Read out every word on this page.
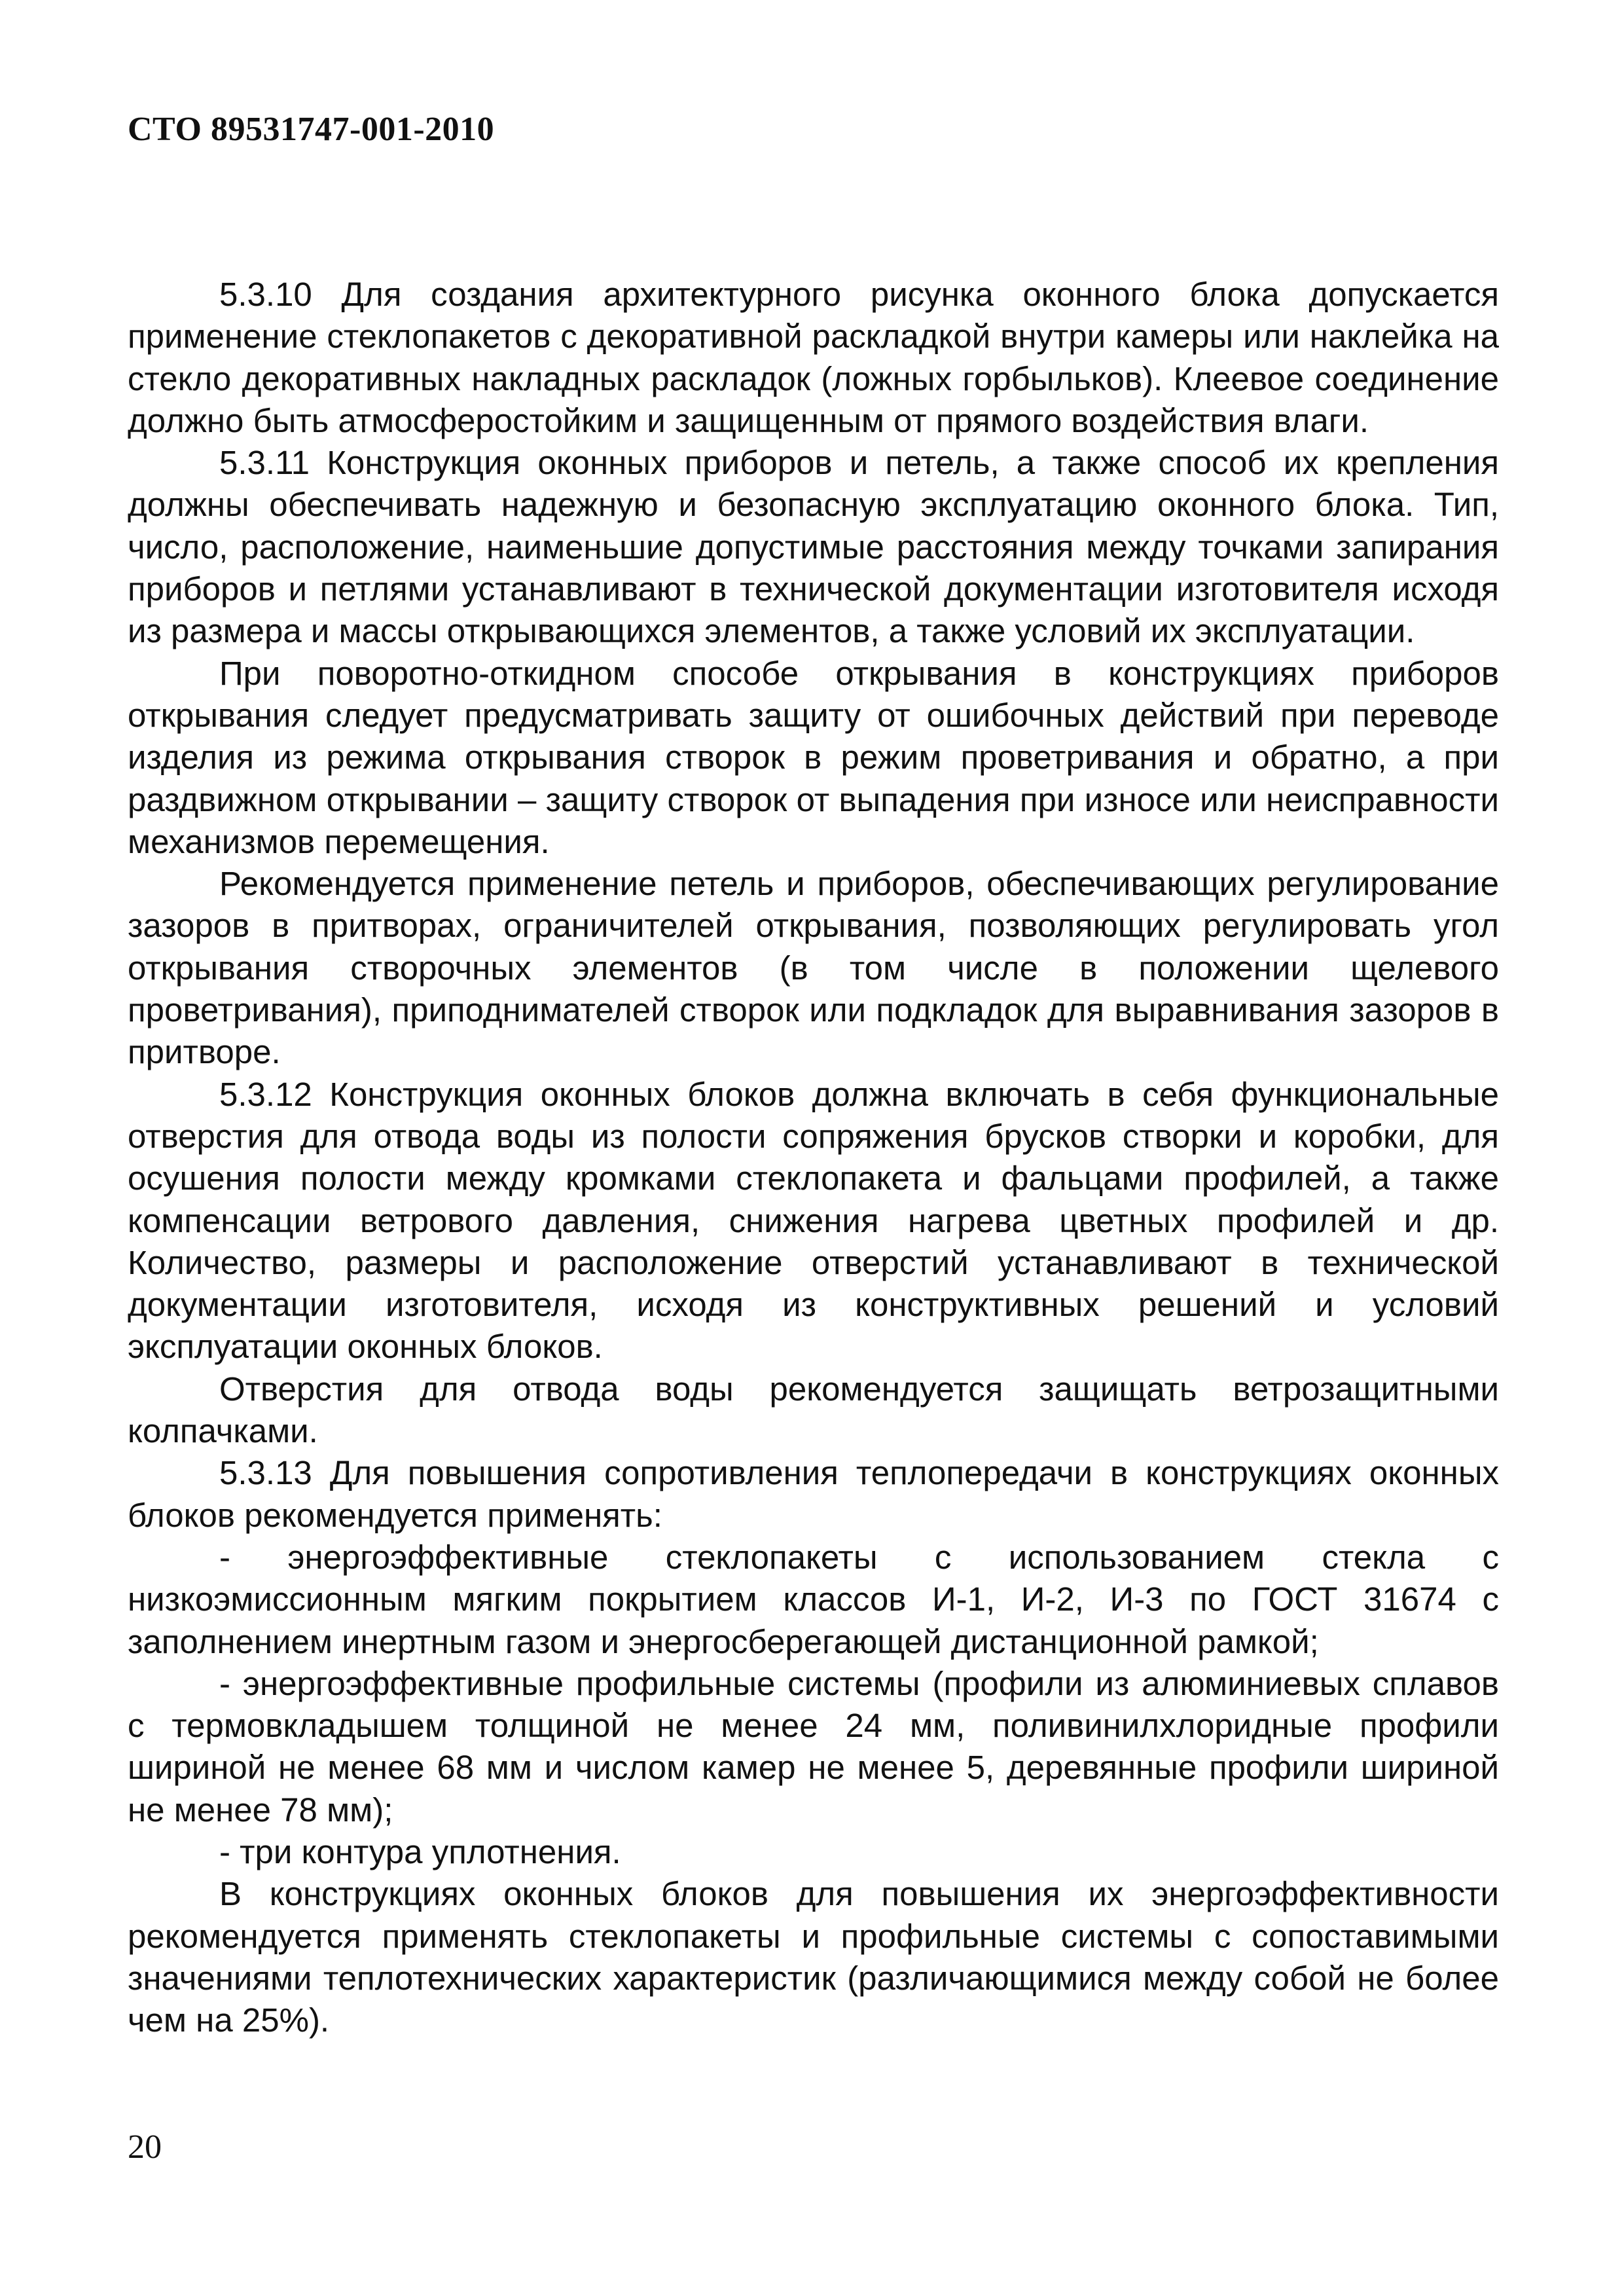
СТО 89531747-001-2010

5.3.10 Для создания архитектурного рисунка оконного блока допускается применение стеклопакетов с декоративной раскладкой внутри камеры или наклейка на стекло декоративных накладных раскладок (ложных горбыльков). Клеевое соединение должно быть атмосферостойким и защищенным от прямого воздействия влаги.

5.3.11 Конструкция оконных приборов и петель, а также способ их крепления должны обеспечивать надежную и безопасную эксплуатацию оконного блока. Тип, число, расположение, наименьшие допустимые расстояния между точками запирания приборов и петлями устанавливают в технической документации изготовителя исходя из размера и массы открывающихся элементов, а также условий их эксплуатации.

При поворотно-откидном способе открывания в конструкциях приборов открывания следует предусматривать защиту от ошибочных действий при переводе изделия из режима открывания створок в режим проветривания и обратно, а при раздвижном открывании – защиту створок от выпадения при износе или неисправности механизмов перемещения.

Рекомендуется применение петель и приборов, обеспечивающих регулирование зазоров в притворах, ограничителей открывания, позволяющих регулировать угол открывания створочных элементов (в том числе в положении щелевого проветривания), приподнимателей створок или подкладок для выравнивания зазоров в притворе.

5.3.12 Конструкция оконных блоков должна включать в себя функциональные отверстия для отвода воды из полости сопряжения брусков створки и коробки, для осушения полости между кромками стеклопакета и фальцами профилей, а также компенсации ветрового давления, снижения нагрева цветных профилей и др. Количество, размеры и расположение отверстий устанавливают в технической документации изготовителя, исходя из конструктивных решений и условий эксплуатации оконных блоков.

Отверстия для отвода воды рекомендуется защищать ветрозащитными колпачками.

5.3.13 Для повышения сопротивления теплопередачи в конструкциях оконных блоков рекомендуется применять:

- энергоэффективные стеклопакеты с использованием стекла с низкоэмиссионным мягким покрытием классов И-1, И-2, И-3 по ГОСТ 31674 с заполнением инертным газом и энергосберегающей дистанционной рамкой;

- энергоэффективные профильные системы (профили из алюминиевых сплавов с термовкладышем толщиной не менее 24 мм, поливинилхлоридные профили шириной не менее 68 мм и числом камер не менее 5, деревянные профили шириной не менее 78 мм);

- три контура уплотнения.

В конструкциях оконных блоков для повышения их энергоэффективности рекомендуется применять стеклопакеты и профильные системы с сопоставимыми значениями теплотехнических характеристик (различающимися между собой не более чем на 25%).

20
